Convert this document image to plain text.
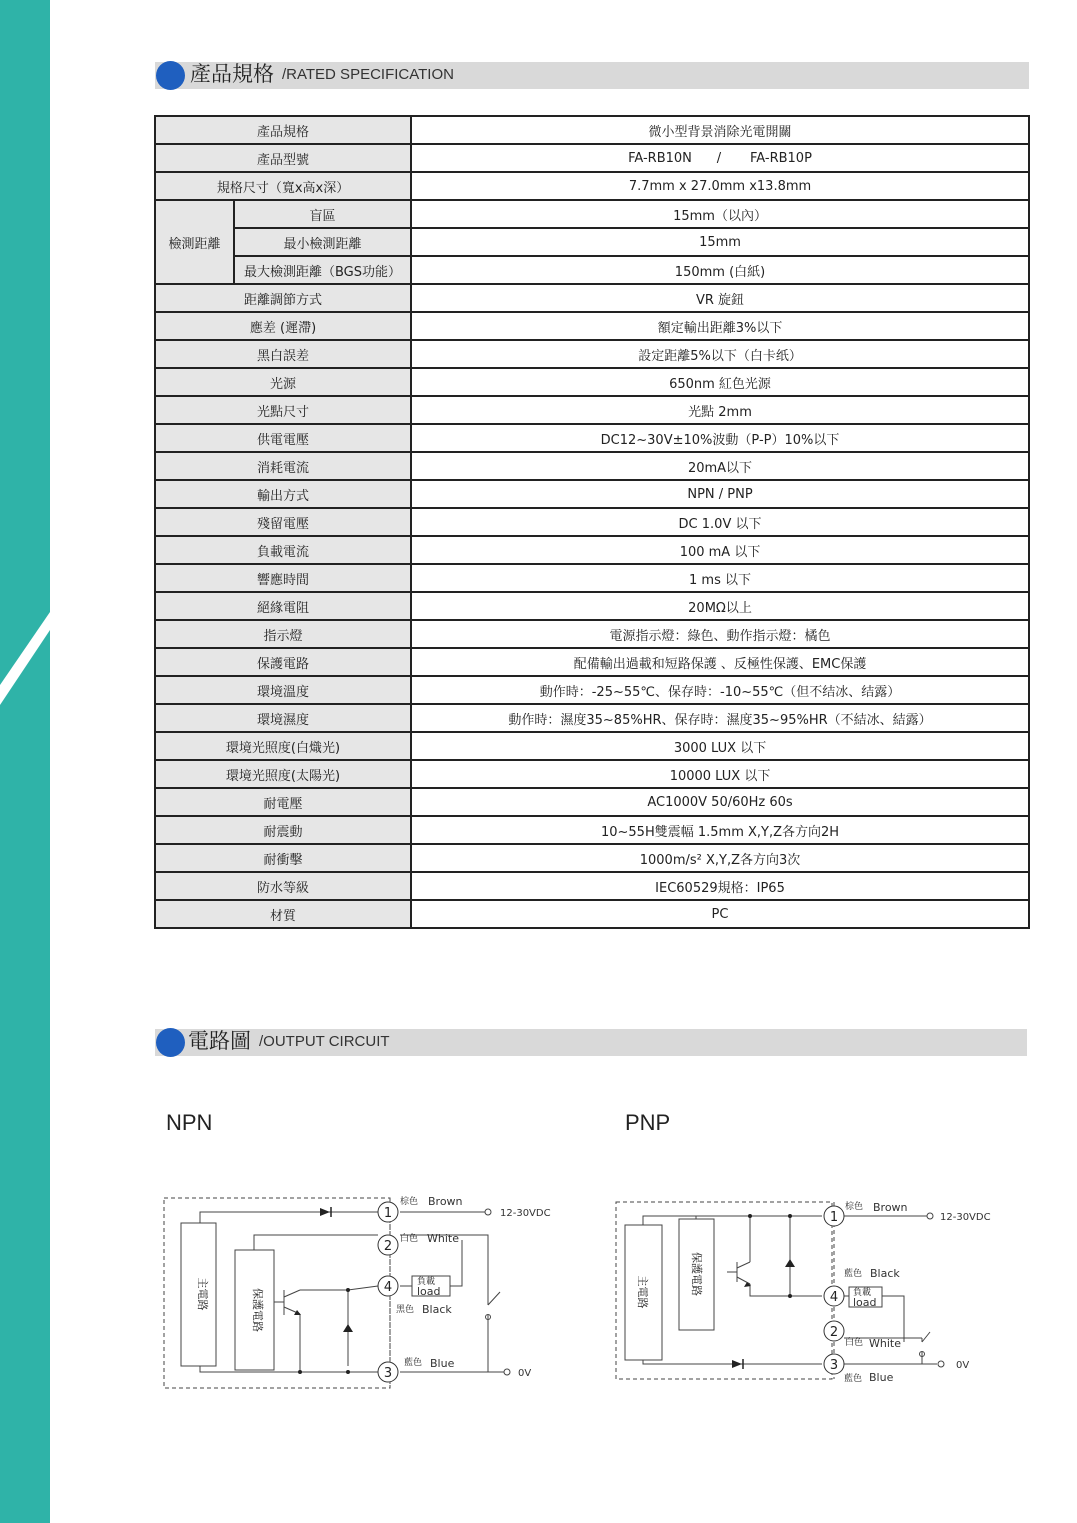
產品規格 /RATED SPECIFICATION
產品規格		微小型背景消除光電開關
產品型號		FA-RB10N      /       FA-RB10P
規格尺寸（寬x高x深）		7.7mm x 27.0mm x13.8mm
檢測距離	盲區	15mm（以內）
	最小檢測距離	15mm
	最大檢測距離（BGS功能）	150mm (白紙)
距離調節方式		VR 旋鈕
應差 (遲滯)		額定輸出距離3%以下
黑白誤差		設定距離5%以下（白卡纸）
光源		650nm 紅色光源
光點尺寸		光點 2mm
供電電壓		DC12~30V±10%波動（P-P）10%以下
消耗電流		20mA以下
輸出方式		NPN / PNP
殘留電壓		DC 1.0V 以下
負載電流		100 mA 以下
響應時間		1 ms 以下
絕緣電阻		20MΩ以上
指示燈		電源指示燈：綠色、動作指示燈：橘色
保護電路		配備輸出過載和短路保護 、反極性保護、EMC保護
環境溫度		動作時：-25~55℃、保存時：-10~55℃（但不结冰、结露）
環境濕度		動作時：濕度35~85%HR、保存時：濕度35~95%HR（不結冰、結露）
環境光照度(白熾光)		3000 LUX 以下
環境光照度(太陽光)		10000 LUX 以下
耐電壓		AC1000V 50/60Hz 60s
耐震動		10~55H雙震幅 1.5mm X,Y,Z各方向2H
耐衝擊		1000m/s² X,Y,Z各方向3次
防水等級		IEC60529規格：IP65
材質		PC
電路圖 /OUTPUT CIRCUIT
NPN	PNP
1
2
4
3
棕色
白色
黑色
藍色
負載
Brown
White
Black
Blue
load
12-30VDC
0V
主電路	保護電路
1
4
2
3
棕色
藍色
白色
藍色
負載
Brown
Black
White
Blue
load
12-30VDC
0V
主電路	保護電路
